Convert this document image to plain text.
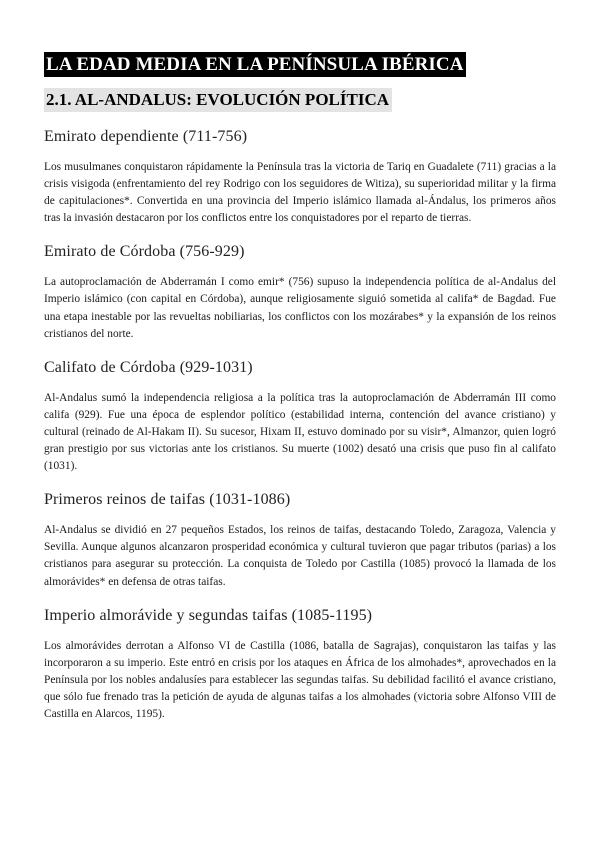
LA EDAD MEDIA EN LA PENÍNSULA IBÉRICA
2.1. AL-ANDALUS: EVOLUCIÓN POLÍTICA
Emirato dependiente (711-756)

Los musulmanes conquistaron rápidamente la Península tras la victoria de Tariq en Guadalete (711) gracias a la crisis visigoda (enfrentamiento del rey Rodrigo con los seguidores de Witiza), su superioridad militar y la firma de capitulaciones*. Convertida en una provincia del Imperio islámico llamada al-Ándalus, los primeros años tras la invasión destacaron por los conflictos entre los conquistadores por el reparto de tierras.

Emirato de Córdoba (756-929)

La autoproclamación de Abderramán I como emir* (756) supuso la independencia política de al-Andalus del Imperio islámico (con capital en Córdoba), aunque religiosamente siguió sometida al califa* de Bagdad. Fue una etapa inestable por las revueltas nobiliarias, los conflictos con los mozárabes* y la expansión de los reinos cristianos del norte.

Califato de Córdoba (929-1031)

Al-Andalus sumó la independencia religiosa a la política tras la autoproclamación de Abderramán III como califa (929). Fue una época de esplendor político (estabilidad interna, contención del avance cristiano) y cultural (reinado de Al-Hakam II). Su sucesor, Hixam II, estuvo dominado por su visir*, Almanzor, quien logró gran prestigio por sus victorias ante los cristianos. Su muerte (1002) desató una crisis que puso fin al califato (1031).

Primeros reinos de taifas (1031-1086)

Al-Andalus se dividió en 27 pequeños Estados, los reinos de taifas, destacando Toledo, Zaragoza, Valencia y Sevilla. Aunque algunos alcanzaron prosperidad económica y cultural tuvieron que pagar tributos (parias) a los cristianos para asegurar su protección. La conquista de Toledo por Castilla (1085) provocó la llamada de los almorávides* en defensa de otras taifas.

Imperio almorávide y segundas taifas (1085-1195)

Los almorávides derrotan a Alfonso VI de Castilla (1086, batalla de Sagrajas), conquistaron las taifas y las incorporaron a su imperio. Este entró en crisis por los ataques en África de los almohades*, aprovechados en la Península por los nobles andalusíes para establecer las segundas taifas. Su debilidad facilitó el avance cristiano, que sólo fue frenado tras la petición de ayuda de algunas taifas a los almohades (victoria sobre Alfonso VIII de Castilla en Alarcos, 1195).
